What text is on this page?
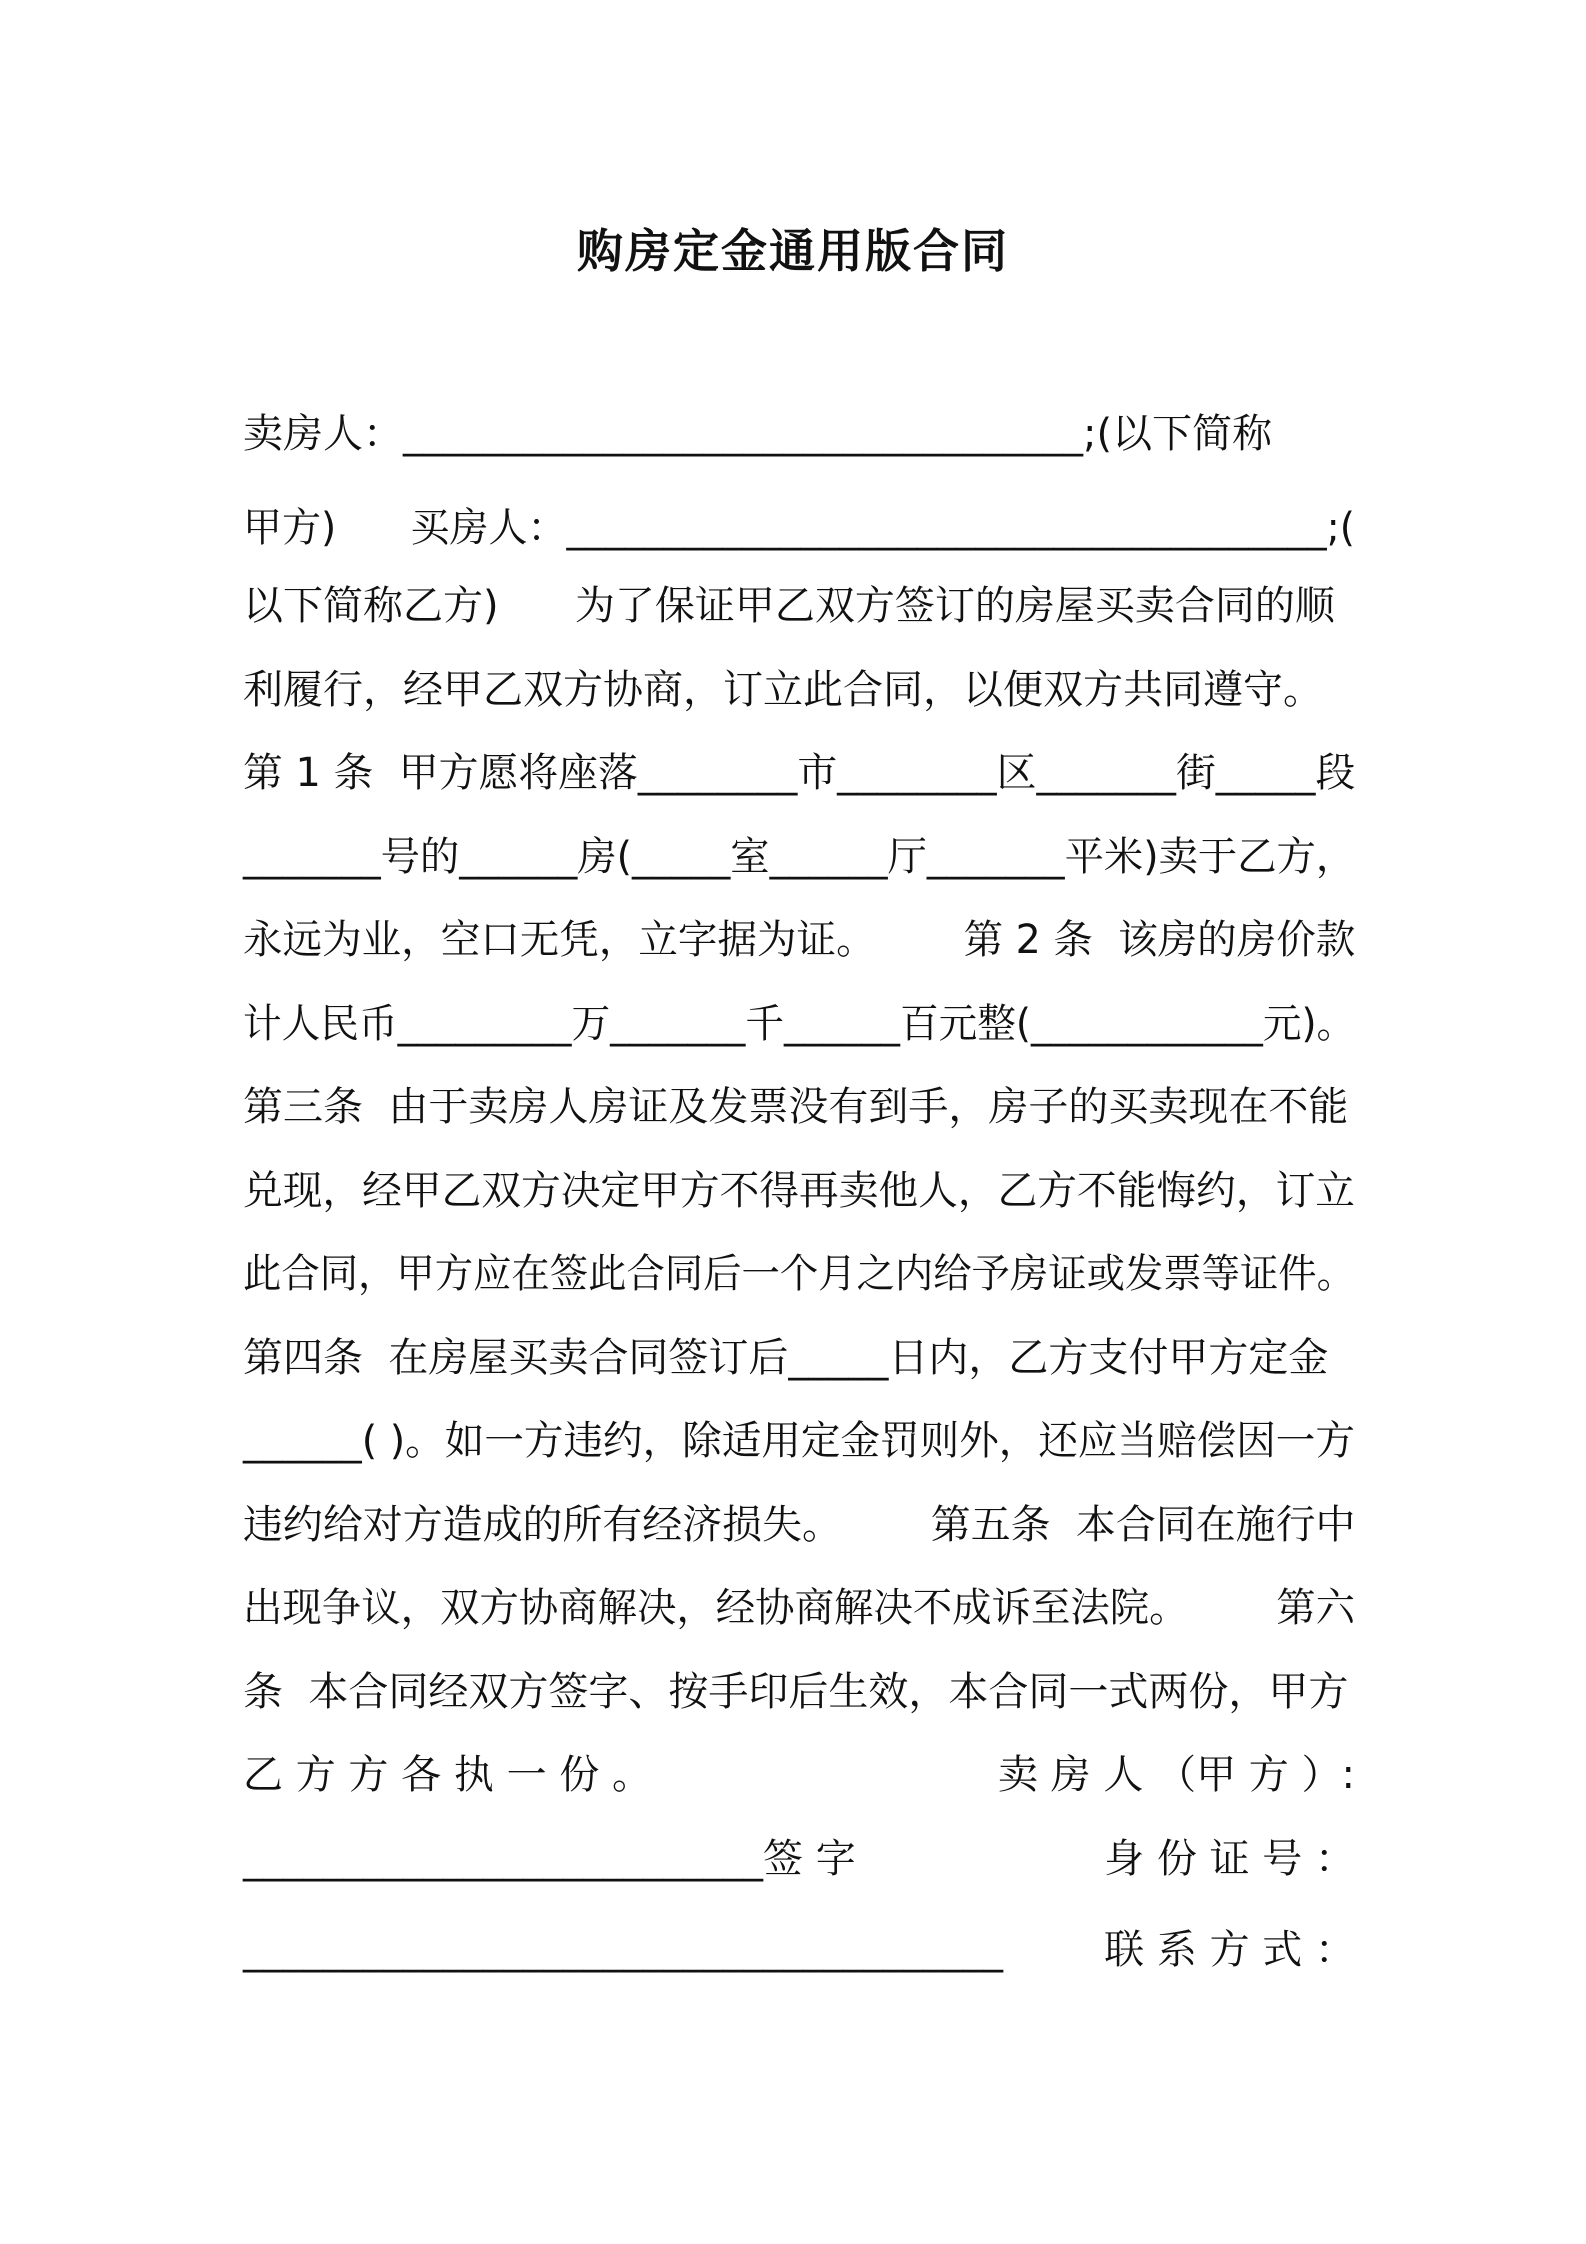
购房定金通用版合同
卖房人：__________________________________;(以下简称
甲方)      买房人：_______________________________________;(
以下简称乙方)      为了保证甲乙双方签订的房屋买卖合同的顺
利履行，经甲乙双方协商，订立此合同，以便双方共同遵守。
第 1 条  甲方愿将座落________市________区_______街_____段
_______号的______房(_____室______厅_______平米)卖于乙方，
永远为业，空口无凭，立字据为证。       第 2 条  该房的房价款
计人民币_________万_______千______百元整(____________元)。
第三条  由于卖房人房证及发票没有到手，房子的买卖现在不能
兑现，经甲乙双方决定甲方不得再卖他人，乙方不能悔约，订立
此合同，甲方应在签此合同后一个月之内给予房证或发票等证件。
第四条  在房屋买卖合同签订后_____日内，乙方支付甲方定金
______( )。如一方违约，除适用定金罚则外，还应当赔偿因一方
违约给对方造成的所有经济损失。       第五条  本合同在施行中
出现争议，双方协商解决，经协商解决不成诉至法院。       第六
条  本合同经双方签字、按手印后生效，本合同一式两份，甲方
乙 方 方 各 执 一 份 。	卖 房 人 （甲 方 ）:
__________________________签 字	身 份 证 号 ：
______________________________________	联 系 方 式 ：
